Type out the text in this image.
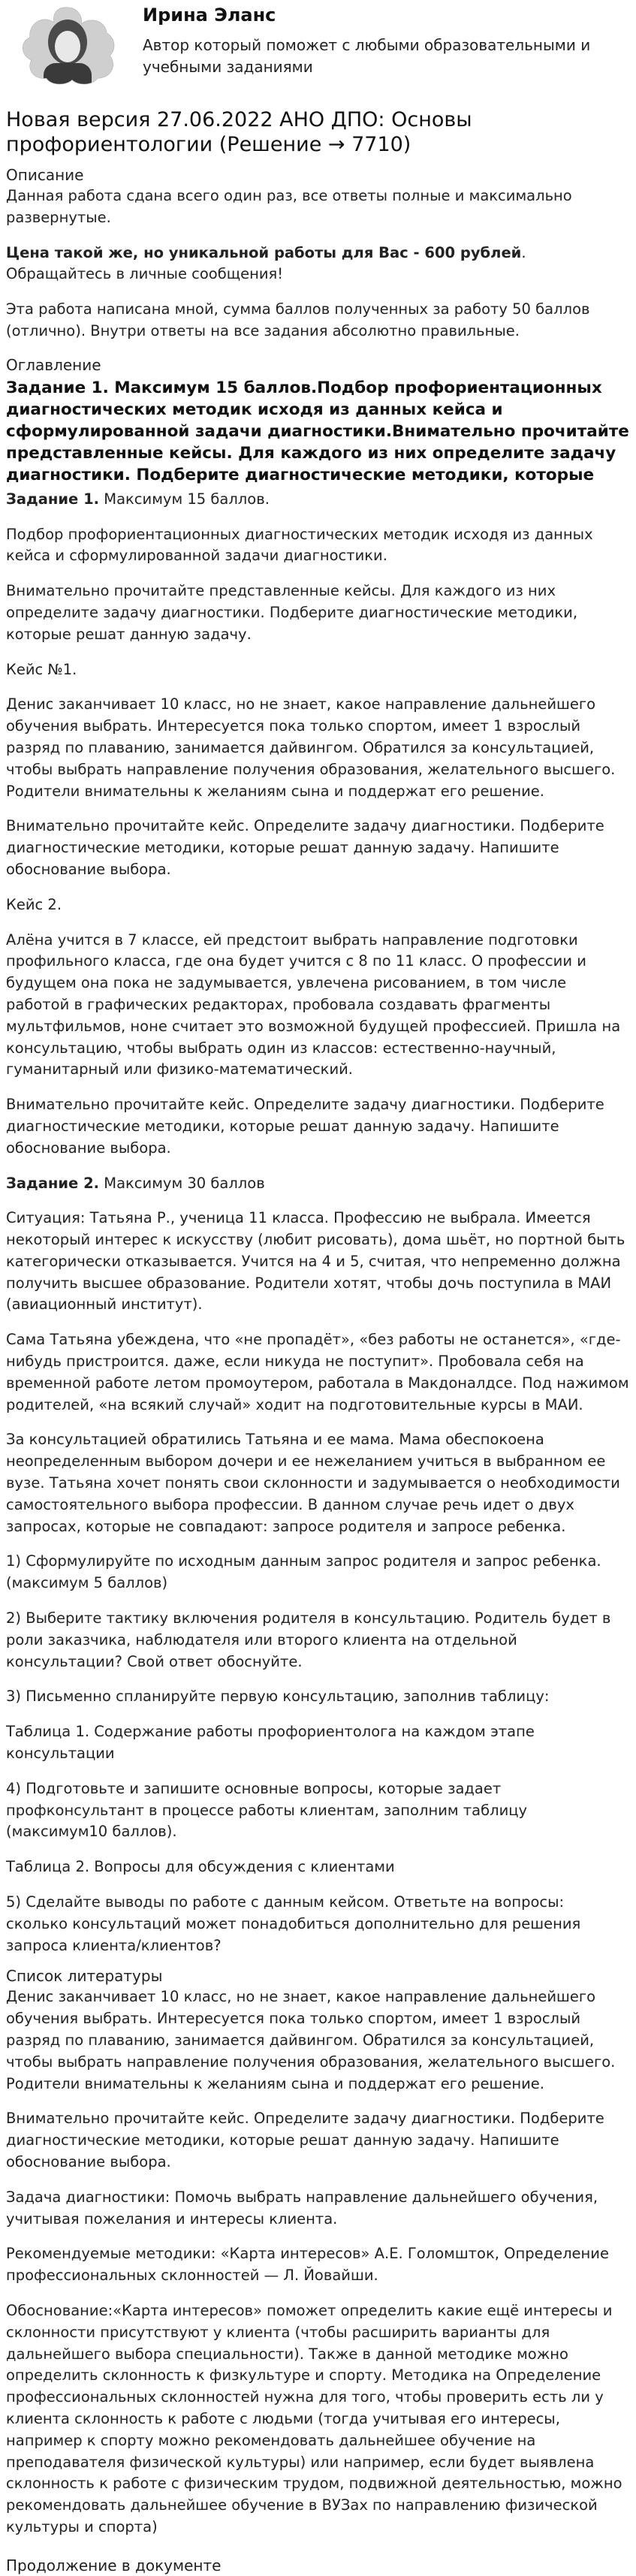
Ирина Эланс
Автор который поможет с любыми образовательными и учебными заданиями
Новая версия 27.06.2022 АНО ДПО: Основы профориентологии (Решение → 7710)
Описание

Данная работа сдана всего один раз, все ответы полные и максимально развернутые.

Цена такой же, но уникальной работы для Вас - 600 рублей. Обращайтесь в личные сообщения!

Эта работа написана мной, сумма баллов полученных за работу 50 баллов (отлично). Внутри ответы на все задания абсолютно правильные.

Оглавление
Задание 1. Максимум 15 баллов.Подбор профориентационных диагностических методик исходя из данных кейса и сформулированной задачи диагностики.Внимательно прочитайте представленные кейсы. Для каждого из них определите задачу диагностики. Подберите диагностические методики, которые

Задание 1. Максимум 15 баллов.

Подбор профориентационных диагностических методик исходя из данных кейса и сформулированной задачи диагностики.

Внимательно прочитайте представленные кейсы. Для каждого из них определите задачу диагностики. Подберите диагностические методики, которые решат данную задачу.

Кейс №1.

Денис заканчивает 10 класс, но не знает, какое направление дальнейшего обучения выбрать. Интересуется пока только спортом, имеет 1 взрослый разряд по плаванию, занимается дайвингом. Обратился за консультацией, чтобы выбрать направление получения образования, желательного высшего. Родители внимательны к желаниям сына и поддержат его решение.

Внимательно прочитайте кейс. Определите задачу диагностики. Подберите диагностические методики, которые решат данную задачу. Напишите обоснование выбора.

Кейс 2.

Алёна учится в 7 классе, ей предстоит выбрать направление подготовки профильного класса, где она будет учится с 8 по 11 класс. О профессии и будущем она пока не задумывается, увлечена рисованием, в том числе работой в графических редакторах, пробовала создавать фрагменты мультфильмов, ноне считает это возможной будущей профессией. Пришла на консультацию, чтобы выбрать один из классов: естественно-научный, гуманитарный или физико-математический.

Внимательно прочитайте кейс. Определите задачу диагностики. Подберите диагностические методики, которые решат данную задачу. Напишите обоснование выбора.

Задание 2. Максимум 30 баллов

Ситуация: Татьяна Р., ученица 11 класса. Профессию не выбрала. Имеется некоторый интерес к искусству (любит рисовать), дома шьёт, но портной быть категорически отказывается. Учится на 4 и 5, считая, что непременно должна получить высшее образование. Родители хотят, чтобы дочь поступила в МАИ (авиационный институт).

Сама Татьяна убеждена, что «не пропадёт», «без работы не останется», «где-нибудь пристроится. даже, если никуда не поступит». Пробовала себя на временной работе летом промоутером, работала в Макдоналдсе. Под нажимом родителей, «на всякий случай» ходит на подготовительные курсы в МАИ.

За консультацией обратились Татьяна и ее мама. Мама обеспокоена неопределенным выбором дочери и ее нежеланием учиться в выбранном ее вузе. Татьяна хочет понять свои склонности и задумывается о необходимости самостоятельного выбора профессии. В данном случае речь идет о двух запросах, которые не совпадают: запросе родителя и запросе ребенка.

1) Сформулируйте по исходным данным запрос родителя и запрос ребенка. (максимум 5 баллов)

2) Выберите тактику включения родителя в консультацию. Родитель будет в роли заказчика, наблюдателя или второго клиента на отдельной консультации? Свой ответ обоснуйте.

3) Письменно спланируйте первую консультацию, заполнив таблицу:

Таблица 1. Содержание работы профориентолога на каждом этапе консультации

4) Подготовьте и запишите основные вопросы, которые задает профконсультант в процессе работы клиентам, заполним таблицу (максимум10 баллов).

Таблица 2. Вопросы для обсуждения с клиентами

5) Сделайте выводы по работе с данным кейсом. Ответьте на вопросы: сколько консультаций может понадобиться дополнительно для решения запроса клиента/клиентов?

Список литературы

Денис заканчивает 10 класс, но не знает, какое направление дальнейшего обучения выбрать. Интересуется пока только спортом, имеет 1 взрослый разряд по плаванию, занимается дайвингом. Обратился за консультацией, чтобы выбрать направление получения образования, желательного высшего. Родители внимательны к желаниям сына и поддержат его решение.

Внимательно прочитайте кейс. Определите задачу диагностики. Подберите диагностические методики, которые решат данную задачу. Напишите обоснование выбора.

Задача диагностики: Помочь выбрать направление дальнейшего обучения, учитывая пожелания и интересы клиента.

Рекомендуемые методики: «Карта интересов» А.Е. Голомшток, Определение профессиональных склонностей — Л. Йовайши.

Обоснование:«Карта интересов» поможет определить какие ещё интересы и склонности присутствуют у клиента (чтобы расширить варианты для дальнейшего выбора специальности). Также в данной методике можно определить склонность к физкультуре и спорту. Методика на Определение профессиональных склонностей нужна для того, чтобы проверить есть ли у клиента склонность к работе с людьми (тогда учитывая его интересы, например к спорту можно рекомендовать дальнейшее обучение на преподавателя физической культуры) или например, если будет выявлена склонность к работе с физическим трудом, подвижной деятельностью, можно рекомендовать дальнейшее обучение в ВУЗах по направлению физической культуры и спорта)

Продолжение в документе
